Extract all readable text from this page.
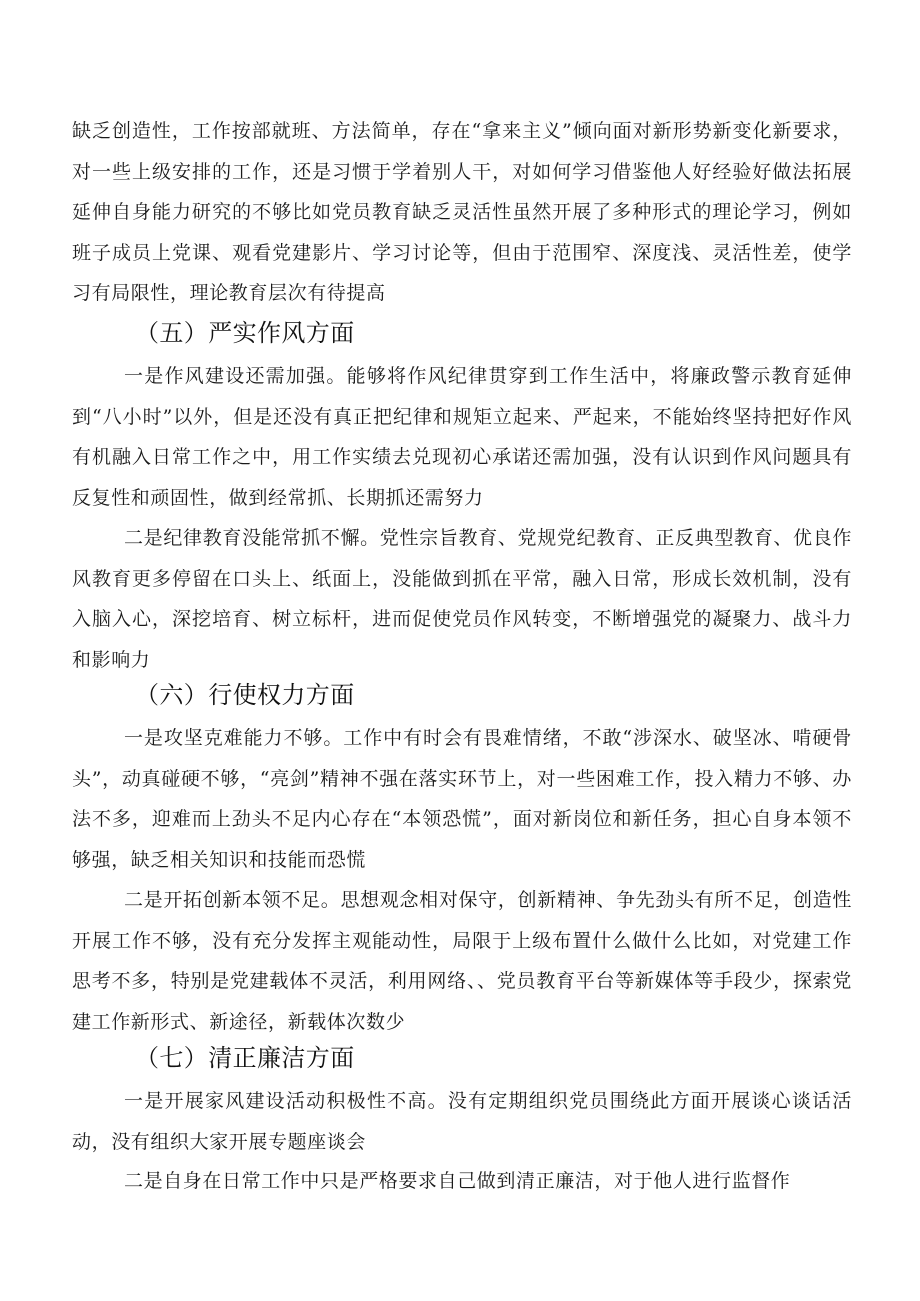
缺乏创造性，工作按部就班、方法简单，存在“拿来主义”倾向面对新形势新变化新要求，对一些上级安排的工作，还是习惯于学着别人干，对如何学习借鉴他人好经验好做法拓展延伸自身能力研究的不够比如党员教育缺乏灵活性虽然开展了多种形式的理论学习，例如班子成员上党课、观看党建影片、学习讨论等，但由于范围窄、深度浅、灵活性差，使学习有局限性，理论教育层次有待提高

（五）严实作风方面

一是作风建设还需加强。能够将作风纪律贯穿到工作生活中，将廉政警示教育延伸到“八小时”以外，但是还没有真正把纪律和规矩立起来、严起来，不能始终坚持把好作风有机融入日常工作之中，用工作实绩去兑现初心承诺还需加强，没有认识到作风问题具有反复性和顽固性，做到经常抓、长期抓还需努力

二是纪律教育没能常抓不懈。党性宗旨教育、党规党纪教育、正反典型教育、优良作风教育更多停留在口头上、纸面上，没能做到抓在平常，融入日常，形成长效机制，没有入脑入心，深挖培育、树立标杆，进而促使党员作风转变，不断增强党的凝聚力、战斗力和影响力

（六）行使权力方面

一是攻坚克难能力不够。工作中有时会有畏难情绪，不敢“涉深水、破坚冰、啃硬骨头”，动真碰硬不够，“亮剑”精神不强在落实环节上，对一些困难工作，投入精力不够、办法不多，迎难而上劲头不足内心存在“本领恐慌”，面对新岗位和新任务，担心自身本领不够强，缺乏相关知识和技能而恐慌

二是开拓创新本领不足。思想观念相对保守，创新精神、争先劲头有所不足，创造性开展工作不够，没有充分发挥主观能动性，局限于上级布置什么做什么比如，对党建工作思考不多，特别是党建载体不灵活，利用网络、、党员教育平台等新媒体等手段少，探索党建工作新形式、新途径，新载体次数少

（七）清正廉洁方面

一是开展家风建设活动积极性不高。没有定期组织党员围绕此方面开展谈心谈话活动，没有组织大家开展专题座谈会

二是自身在日常工作中只是严格要求自己做到清正廉洁，对于他人进行监督作
